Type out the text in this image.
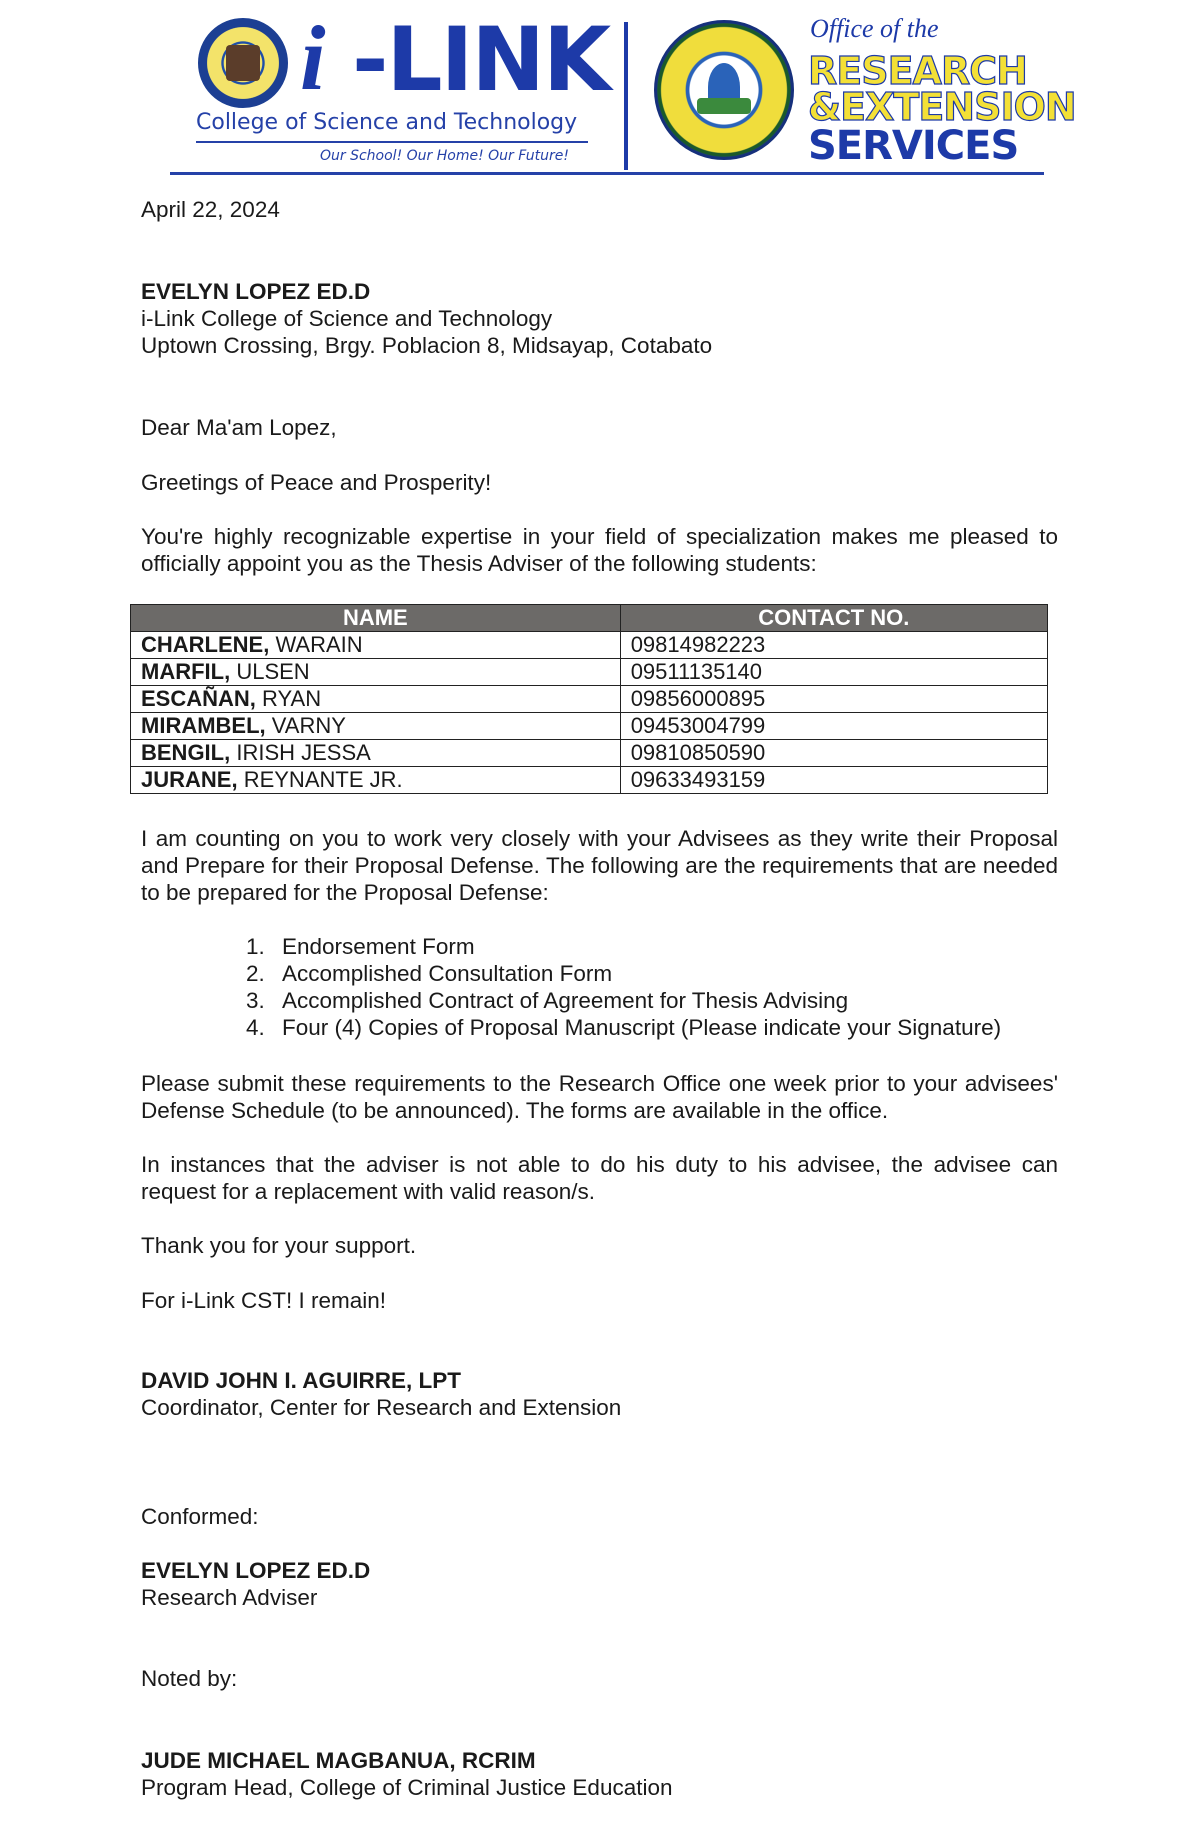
i -LINK
College of Science and Technology
Our School! Our Home! Our Future!
Office of the
RESEARCH
&EXTENSION
SERVICES
April 22, 2024
EVELYN LOPEZ ED.D
i-Link College of Science and Technology
Uptown Crossing, Brgy. Poblacion 8, Midsayap, Cotabato
Dear Ma'am Lopez,
Greetings of Peace and Prosperity!
You're highly recognizable expertise in your field of specialization makes me pleased to officially appoint you as the Thesis Adviser of the following students:
NAME	CONTACT NO.
CHARLENE, WARAIN	09814982223
MARFIL, ULSEN	09511135140
ESCAÑAN, RYAN	09856000895
MIRAMBEL, VARNY	09453004799
BENGIL, IRISH JESSA	09810850590
JURANE, REYNANTE JR.	09633493159
I am counting on you to work very closely with your Advisees as they write their Proposal and Prepare for their Proposal Defense. The following are the requirements that are needed to be prepared for the Proposal Defense:
1. Endorsement Form
2. Accomplished Consultation Form
3. Accomplished Contract of Agreement for Thesis Advising
4. Four (4) Copies of Proposal Manuscript (Please indicate your Signature)
Please submit these requirements to the Research Office one week prior to your advisees' Defense Schedule (to be announced). The forms are available in the office.
In instances that the adviser is not able to do his duty to his advisee, the advisee can request for a replacement with valid reason/s.
Thank you for your support.
For i-Link CST! I remain!
DAVID JOHN I. AGUIRRE, LPT
Coordinator, Center for Research and Extension
Conformed:
EVELYN LOPEZ ED.D
Research Adviser
Noted by:
JUDE MICHAEL MAGBANUA, RCRIM
Program Head, College of Criminal Justice Education
